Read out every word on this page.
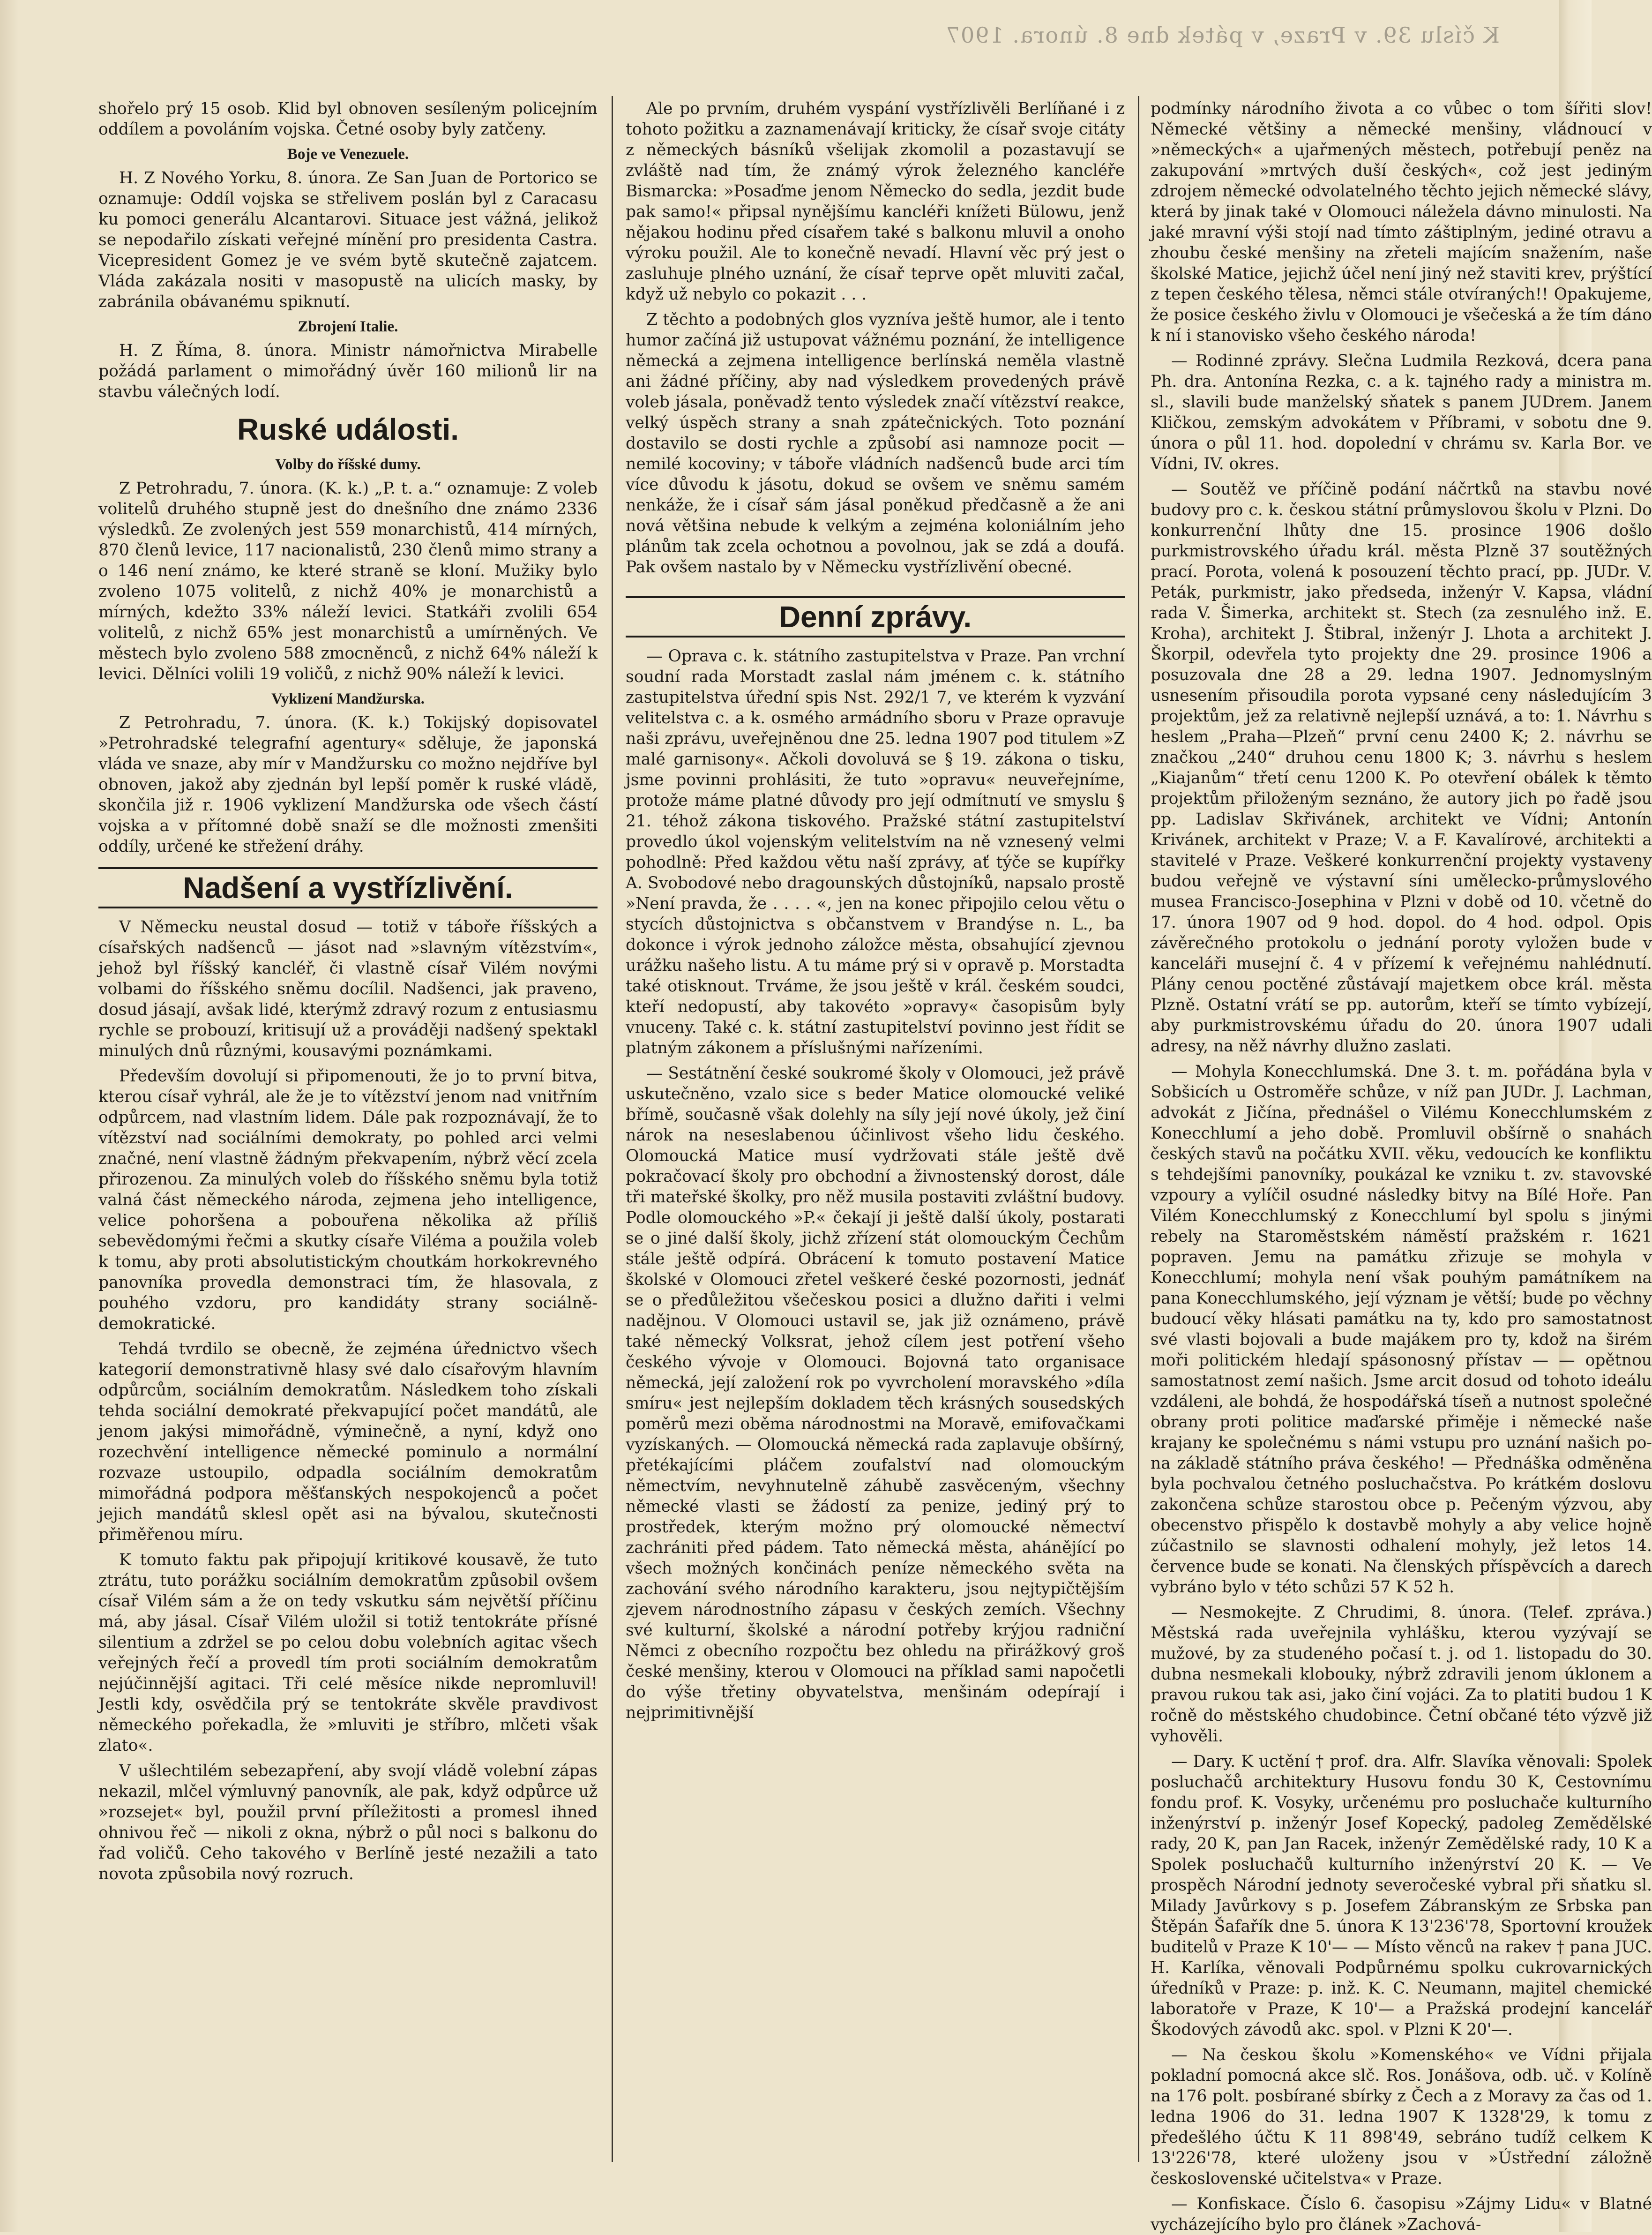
K číslu 39. v Praze, v pátek dne 8. února. 1907

shořelo prý 15 osob. Klid byl obnoven sesíleným policejním oddílem a povoláním vojska. Četné osoby byly zatčeny.

Boje ve Venezuele.

H. Z Nového Yorku, 8. února. Ze San Juan de Portorico se oznamuje: Oddíl vojska se střelivem poslán byl z Caracasu ku pomoci generálu Alcantarovi. Situace jest vážná, jelikož se nepodařilo získati veřejné mínění pro presidenta Castra. Vicepresident Gomez je ve svém bytě skutečně zajatcem. Vláda zakázala nositi v masopustě na ulicích masky, by zabránila obávanému spiknutí.

Zbrojení Italie.

H. Z Říma, 8. února. Ministr námořnictva Mirabelle požádá parlament o mimořádný úvěr 160 milionů lir na stavbu válečných lodí.

Ruské události.
Volby do říšské dumy.

Z Petrohradu, 7. února. (K. k.) „P. t. a.“ oznamuje: Z voleb volitelů druhého stupně jest do dnešního dne známo 2336 výsledků. Ze zvolených jest 559 monarchistů, 414 mírných, 870 členů levice, 117 nacionalistů, 230 členů mimo strany a o 146 není známo, ke které straně se kloní. Mužiky bylo zvoleno 1075 volitelů, z nichž 40% je monarchistů a mírných, kdežto 33% náleží levici. Statkáři zvolili 654 volitelů, z nichž 65% jest monarchistů a umírněných. Ve městech bylo zvoleno 588 zmocněnců, z nichž 64% náleží k levici. Dělníci volili 19 voličů, z nichž 90% náleží k levici.

Vyklizení Mandžurska.

Z Petrohradu, 7. února. (K. k.) Tokijský dopisovatel »Petrohradské telegrafní agentury« sděluje, že japonská vláda ve snaze, aby mír v Mandžursku co možno nejdříve byl obnoven, jakož aby zjednán byl lepší poměr k ruské vládě, skončila již r. 1906 vyklizení Mandžurska ode všech částí vojska a v přítomné době snaží se dle možnosti zmenšiti oddíly, určené ke střežení dráhy.

Nadšení a vystřízlivění.

V Německu neustal dosud — totiž v táboře říšských a císařských nadšenců — jásot nad »slavným vítězstvím«, jehož byl říšský kancléř, či vlastně císař Vilém novými volbami do říšského sněmu docílil. Nadšenci, jak praveno, dosud jásají, avšak lidé, kterýmž zdravý rozum z entusiasmu rychle se probouzí, kritisují už a prováději nadšený spektakl minulých dnů různými, kousavými poznámkami.

Především dovolují si připomenouti, že jo to první bitva, kterou císař vyhrál, ale že je to vítězství jenom nad vnitřním odpůrcem, nad vlastním lidem. Dále pak rozpoznávají, že to vítězství nad sociálními demokraty, po pohled arci velmi značné, není vlastně žádným překvapením, nýbrž věcí zcela přirozenou. Za minulých voleb do říšského sněmu byla totiž valná část německého národa, zejmena jeho intelligence, velice pohoršena a pobouřena několika až příliš sebevědomými řečmi a skutky císaře Viléma a použila voleb k tomu, aby proti absolutistickým choutkám horkokrevného panovníka provedla demonstraci tím, že hlasovala, z pouhého vzdoru, pro kandidáty strany sociálně-demokratické.

Tehdá tvrdilo se obecně, že zejména úřednictvo všech kategorií demonstrativně hlasy své dalo císařovým hlavním odpůrcům, sociálním demokratům. Následkem toho získali tehda sociální demokraté překvapující počet mandátů, ale jenom jakýsi mimořádně, výminečně, a nyní, když ono rozechvění intelligence německé pominulo a normální rozvaze ustoupilo, odpadla sociálním demokratům mimořádná podpora měšťanských nespokojenců a počet jejich mandátů sklesl opět asi na bývalou, skutečnosti přiměřenou míru.

K tomuto faktu pak připojují kritikové kousavě, že tuto ztrátu, tuto porážku sociálním demokratům způsobil ovšem císař Vilém sám a že on tedy vskutku sám největší příčinu má, aby jásal. Císař Vilém uložil si totiž tentokráte přísné silentium a zdržel se po celou dobu volebních agitac všech veřejných řečí a provedl tím proti sociálním demokratům nejúčinnější agitaci. Tři celé měsíce nikde nepromluvil! Jestli kdy, osvědčila prý se tentokráte skvěle pravdivost německého pořekadla, že »mluviti je stříbro, mlčeti však zlato«.

V ušlechtilém sebezapření, aby svojí vládě volební zápas nekazil, mlčel výmluvný panovník, ale pak, když odpůrce už »rozsejet« byl, použil první příležitosti a promesl ihned ohnivou řeč — nikoli z okna, nýbrž o půl noci s balkonu do řad voličů. Ceho takového v Berlíně jesté nezažili a tato novota způsobila nový rozruch.

Ale po prvním, druhém vyspání vystřízlivěli Berlíňané i z tohoto požitku a zaznamenávají kriticky, že císař svoje citáty z německých básníků všelijak zkomolil a pozastavují se zvláště nad tím, že známý výrok železného kancléře Bismarcka: »Posaďme jenom Německo do sedla, jezdit bude pak samo!« připsal nynějšímu kancléři knížeti Bülowu, jenž nějakou hodinu před císařem také s balkonu mluvil a onoho výroku použil. Ale to konečně nevadí. Hlavní věc prý jest o zasluhuje plného uznání, že císař teprve opět mluviti začal, když už nebylo co pokazit . . .

Z těchto a podobných glos vyzníva ještě humor, ale i tento humor začíná již ustupovat vážnému poznání, že intelligence německá a zejmena intelligence berlínská neměla vlastně ani žádné příčiny, aby nad výsledkem provedených právě voleb jásala, poněvadž tento výsledek značí vítězství reakce, velký úspěch strany a snah zpátečnických. Toto poznání dostavilo se dosti rychle a způsobí asi namnoze pocit — nemilé kocoviny; v táboře vládních nadšenců bude arci tím více důvodu k jásotu, dokud se ovšem ve sněmu samém nenkáže, že i císař sám jásal poněkud předčasně a že ani nová většina nebude k velkým a zejména koloniálním jeho plánům tak zcela ochotnou a povolnou, jak se zdá a doufá. Pak ovšem nastalo by v Německu vystřízlivění obecné.

Denní zprávy.

— Oprava c. k. státního zastupitelstva v Praze. Pan vrchní soudní rada Morstadt zaslal nám jménem c. k. státního zastupitelstva úřední spis Nst. 292/1 7, ve kterém k vyzvání velitelstva c. a k. osmého armádního sboru v Praze opravuje naši zprávu, uveřejněnou dne 25. ledna 1907 pod titulem »Z malé garnisony«. Ačkoli dovoluvá se § 19. zákona o tisku, jsme povinni prohlásiti, že tuto »opravu« neuveřejníme, protože máme platné důvody pro její odmítnutí ve smyslu § 21. téhož zákona tiskového. Pražské státní zastupitelství provedlo úkol vojenským velitelstvím na ně vznesený velmi pohodlně: Před každou větu naší zprávy, ať týče se kupířky A. Svobodové nebo dragounských důstojníků, napsalo prostě »Není pravda, že . . . . «, jen na konec připojilo celou větu o stycích důstojnictva s občanstvem v Brandýse n. L., ba dokonce i výrok jednoho záložce města, obsahující zjevnou urážku našeho listu. A tu máme prý si v opravě p. Morstadta také otisknout. Trváme, že jsou ještě v král. českém soudci, kteří nedopustí, aby takovéto »opravy« časopisům byly vnuceny. Také c. k. státní zastupitelství povinno jest řídit se platným zákonem a příslušnými nařízeními.

— Sestátnění české soukromé školy v Olomouci, jež právě uskutečněno, vzalo sice s beder Matice olomoucké veliké břímě, současně však dolehly na síly její nové úkoly, jež činí nárok na neseslabenou účinlivost všeho lidu českého. Olomoucká Matice musí vydržovati stále ještě dvě pokračovací školy pro obchodní a živnostenský dorost, dále tři mateřské školky, pro něž musila postaviti zvláštní budovy. Podle olomouckého »P.« čekají ji ještě další úkoly, postarati se o jiné další školy, jichž zřízení stát olomouckým Čechům stále ještě odpírá. Obrácení k tomuto postavení Matice školské v Olomouci zřetel veškeré české pozornosti, jednáť se o předůležitou všečeskou posici a dlužno dařiti i velmi nadějnou. V Olomouci ustavil se, jak již oznámeno, právě také německý Volksrat, jehož cílem jest potření všeho českého vývoje v Olomouci. Bojovná tato organisace německá, její založení rok po vyvrcholení moravského »díla smíru« jest nejlepším dokladem těch krásných sousedských poměrů mezi oběma národnostmi na Moravě, emifovačkami vyzískaných. — Olomoucká německá rada zaplavuje obšírný, přetékajícími pláčem zoufalství nad olomouckým němectvím, nevyhnutelně záhubě zasvěceným, všechny německé vlasti se žádostí za penize, jediný prý to prostředek, kterým možno prý olomoucké němectví zachrániti před pádem. Tato německá města, ahánějící po všech možných končinách peníze německého světa na zachování svého národního karakteru, jsou nejtypičtějším zjevem národnostního zápasu v českých zemích. Všechny své kulturní, školské a národní potřeby krýjou radniční Němci z obecního rozpočtu bez ohledu na přirážkový groš české menšiny, kterou v Olomouci na příklad sami napočetli do výše třetiny obyvatelstva, menšinám odepírají i nejprimitivnější

podmínky národního života a co vůbec o tom šířiti slov! Německé většiny a německé menšiny, vládnoucí v »německých« a ujařmených městech, potřebují peněz na zakupování »mrtvých duší českých«, což jest jediným zdrojem německé odvolatelného těchto jejich německé slávy, která by jinak také v Olomouci náležela dávno minulosti. Na jaké mravní výši stojí nad tímto záštiplným, jediné otravu a zhoubu české menšiny na zřeteli majícím snažením, naše školské Matice, jejichž účel není jiný než staviti krev, prýštící z tepen českého tělesa, němci stále otvíraných!! Opakujeme, že posice českého živlu v Olomouci je všečeská a že tím dáno k ní i stanovisko všeho českého národa!

— Rodinné zprávy. Slečna Ludmila Rezková, dcera pana Ph. dra. Antonína Rezka, c. a k. tajného rady a ministra m. sl., slavili bude manželský sňatek s panem JUDrem. Janem Kličkou, zemským advokátem v Příbrami, v sobotu dne 9. února o půl 11. hod. dopolední v chrámu sv. Karla Bor. ve Vídni, IV. okres.

— Soutěž ve příčině podání náčrtků na stavbu nové budovy pro c. k. českou státní průmyslovou školu v Plzni. Do konkurrenční lhůty dne 15. prosince 1906 došlo purkmistrovského úřadu král. města Plzně 37 soutěžných prací. Porota, volená k posouzení těchto prací, pp. JUDr. V. Peták, purkmistr, jako předseda, inženýr V. Kapsa, vládní rada V. Šimerka, architekt st. Stech (za zesnulého inž. E. Kroha), architekt J. Štibral, inženýr J. Lhota a architekt J. Škorpil, odevřela tyto projekty dne 29. prosince 1906 a posuzovala dne 28 a 29. ledna 1907. Jednomyslným usnesením přisoudila porota vypsané ceny následujícím 3 projektům, jež za relativně nejlepší uznává, a to: 1. Návrhu s heslem „Praha—Plzeň“ první cenu 2400 K; 2. návrhu se značkou „240“ druhou cenu 1800 K; 3. návrhu s heslem „Kiajanům“ třetí cenu 1200 K. Po otevření obálek k těmto projektům přiloženým seznáno, že autory jich po řadě jsou pp. Ladislav Skřivánek, architekt ve Vídni; Antonín Krivánek, architekt v Praze; V. a F. Kavalírové, architekti a stavitelé v Praze. Veškeré konkurrenční projekty vystaveny budou veřejně ve výstavní síni umělecko-průmyslového musea Francisco-Josephina v Plzni v době od 10. včetně do 17. února 1907 od 9 hod. dopol. do 4 hod. odpol. Opis závěrečného protokolu o jednání poroty vyložen bude v kanceláři musejní č. 4 v přízemí k veřejnému nahlédnutí. Plány cenou poctěné zůstávají majetkem obce král. města Plzně. Ostatní vrátí se pp. autorům, kteří se tímto vybízejí, aby purkmistrovskému úřadu do 20. února 1907 udali adresy, na něž návrhy dlužno zaslati.

— Mohyla Konecchlumská. Dne 3. t. m. pořádána byla v Sobšicích u Ostroměře schůze, v níž pan JUDr. J. Lachman, advokát z Jičína, přednášel o Vilému Konecchlumském z Konecchlumí a jeho době. Promluvil obšírně o snahách českých stavů na počátku XVII. věku, vedoucích ke konfliktu s tehdejšími panovníky, poukázal ke vzniku t. zv. stavovské vzpoury a vylíčil osudné následky bitvy na Bílé Hoře. Pan Vilém Konecchlumský z Konecchlumí byl spolu s jinými rebely na Staroměstském náměstí pražském r. 1621 popraven. Jemu na památku zřizuje se mohyla v Konecchlumí; mohyla není však pouhým památníkem na pana Konecchlumského, její význam je větší; bude po věchny budoucí věky hlásati památku na ty, kdo pro samostatnost své vlasti bojovali a bude majákem pro ty, kdož na širém moři politickém hledají spásonosný přístav — — opětnou samostatnost zemí našich. Jsme arcit dosud od tohoto ideálu vzdáleni, ale bohdá, že hospodářská tíseň a nutnost společné obrany proti politice maďarské přiměje i německé naše krajany ke společnému s námi vstupu pro uznání našich po- na základě státního práva českého! — Přednáška odměněna byla pochvalou četného posluchačstva. Po krátkém doslovu zakončena schůze starostou obce p. Pečeným výzvou, aby obecenstvo přispělo k dostavbě mohyly a aby velice hojně zúčastnilo se slavnosti odhalení mohyly, jež letos 14. července bude se konati. Na členských příspěvcích a darech vybráno bylo v této schůzi 57 K 52 h.

— Nesmokejte. Z Chrudimi, 8. února. (Telef. zpráva.) Městská rada uveřejnila vyhlášku, kterou vyzývají se mužové, by za studeného počasí t. j. od 1. listopadu do 30. dubna nesmekali klobouky, nýbrž zdravili jenom úklonem a pravou rukou tak asi, jako činí vojáci. Za to platiti budou 1 K ročně do městského chudobince. Četní občané této výzvě již vyhověli.

— Dary. K uctění † prof. dra. Alfr. Slavíka věnovali: Spolek posluchačů architektury Husovu fondu 30 K, Cestovnímu fondu prof. K. Vosyky, určenému pro posluchače kulturního inženýrství p. inženýr Josef Kopecký, padoleg Zemědělské rady, 20 K, pan Jan Racek, inženýr Zemědělské rady, 10 K a Spolek posluchačů kulturního inženýrství 20 K. — Ve prospěch Národní jednoty severočeské vybral při sňatku sl. Milady Javůrkovy s p. Josefem Zábranským ze Srbska pan Štěpán Šafařík dne 5. února K 13'236'78, Sportovní kroužek buditelů v Praze K 10'— — Místo věnců na rakev † pana JUC. H. Karlíka, věnovali Podpůrnému spolku cukrovarnických úředníků v Praze: p. inž. K. C. Neumann, majitel chemické laboratoře v Praze, K 10'— a Pražská prodejní kancelář Škodových závodů akc. spol. v Plzni K 20'—.

— Na českou školu »Komenského« ve Vídni přijala pokladní pomocná akce slč. Ros. Jonášova, odb. uč. v Kolíně na 176 polt. posbírané sbírky z Čech a z Moravy za čas od 1. ledna 1906 do 31. ledna 1907 K 1328'29, k tomu z předešlého účtu K 11 898'49, sebráno tudíž celkem K 13'226'78, které uloženy jsou v »Ústřední záložně československé učitelstva« v Praze.

— Konfiskace. Číslo 6. časopisu »Zájmy Lidu« v Blatné vycházejícího bylo pro článek »Zachová-
